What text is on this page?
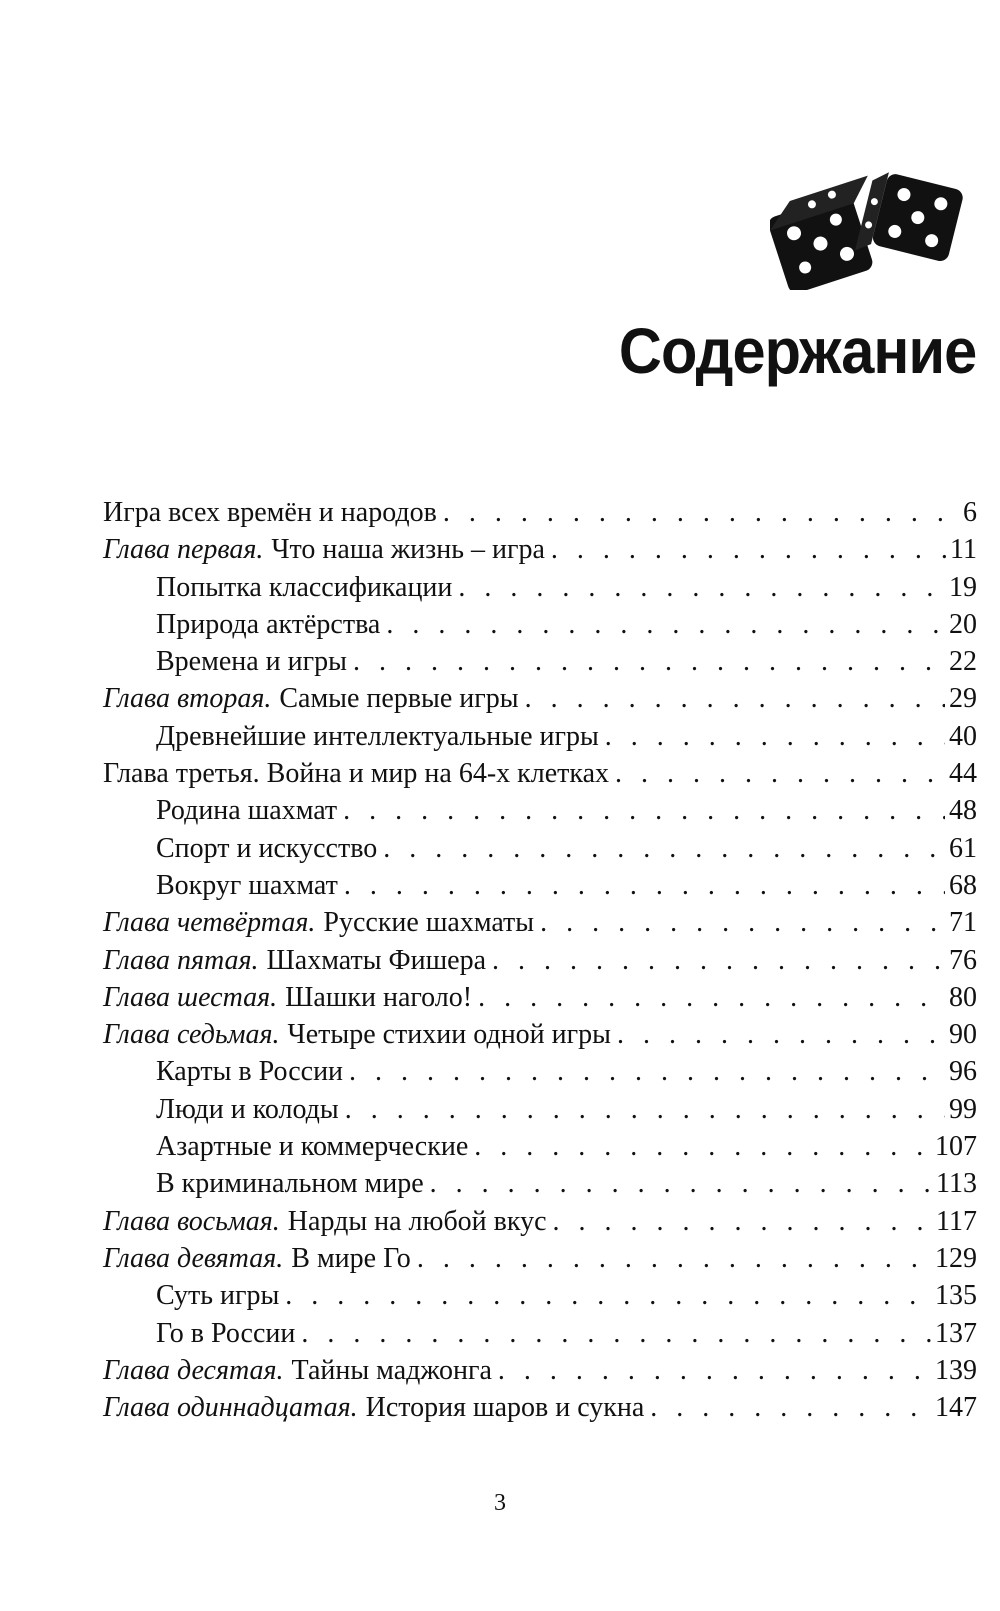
Содержание
Игра всех времён и народов . . .	6
Глава первая. Что наша жизнь – игра . . .	11
Попытка классификации . . .	19
Природа актёрства . . .	20
Времена и игры . . .	22
Глава вторая. Самые первые игры . . .	29
Древнейшие интеллектуальные игры . . .	40
Глава третья. Война и мир на 64-х клетках . . .	44
Родина шахмат . . .	48
Спорт и искусство . . .	61
Вокруг шахмат . . .	68
Глава четвёртая. Русские шахматы . . .	71
Глава пятая. Шахматы Фишера . . .	76
Глава шестая. Шашки наголо! . . .	80
Глава седьмая. Четыре стихии одной игры . . .	90
Карты в России . . .	96
Люди и колоды . . .	99
Азартные и коммерческие . . .	107
В криминальном мире . . .	113
Глава восьмая. Нарды на любой вкус . . .	117
Глава девятая. В мире Го . . .	129
Суть игры . . .	135
Го в России . . .	137
Глава десятая. Тайны маджонга . . .	139
Глава одиннадцатая. История шаров и сукна . . .	147
3
